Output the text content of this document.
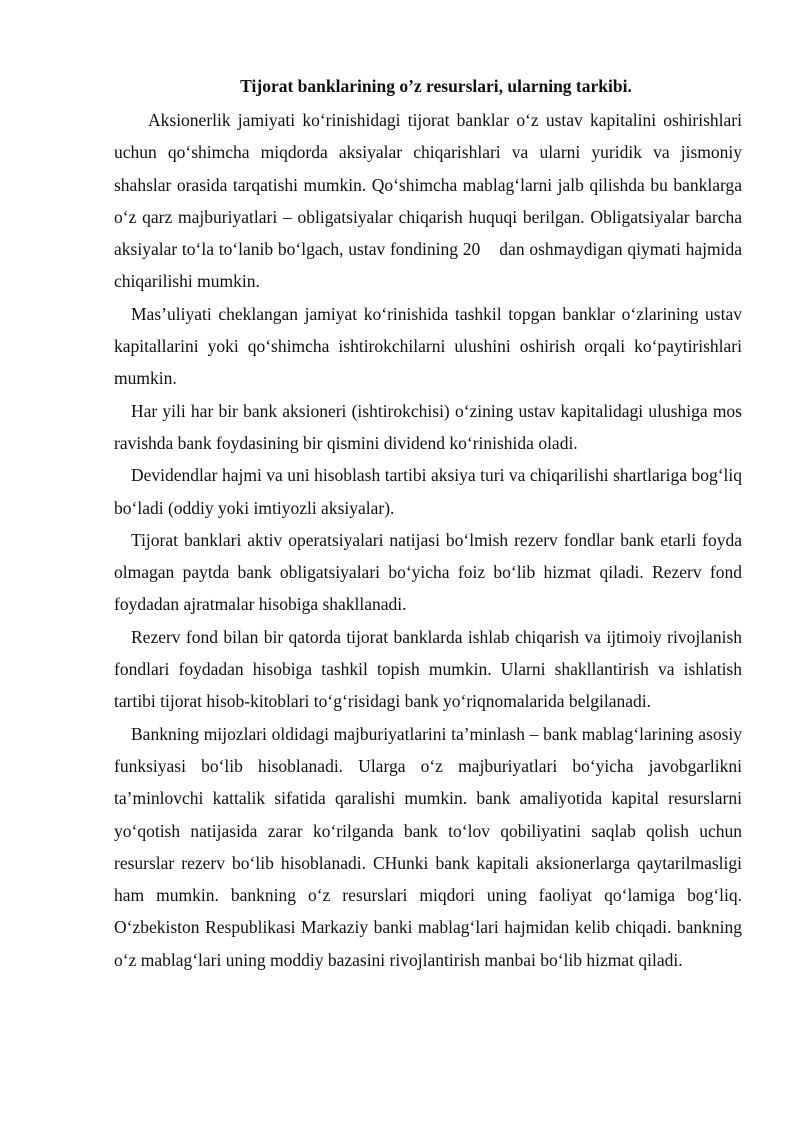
Tijorat banklarining o’z resurslari, ularning tarkibi.

Aksionerlik jamiyati ko‘rinishidagi tijorat banklar o‘z ustav kapitalini oshirishlari uchun qo‘shimcha miqdorda aksiyalar chiqarishlari va ularni yuridik va jismoniy shahslar orasida tarqatishi mumkin. Qo‘shimcha mablag‘larni jalb qilishda bu banklarga o‘z qarz majburiyatlari – obligatsiyalar chiqarish huquqi berilgan. Obligatsiyalar barcha aksiyalar to‘la to‘lanib bo‘lgach, ustav fondining 20    dan oshmaydigan qiymati hajmida chiqarilishi mumkin.

Mas’uliyati cheklangan jamiyat ko‘rinishida tashkil topgan banklar o‘zlarining ustav kapitallarini yoki qo‘shimcha ishtirokchilarni ulushini oshirish orqali ko‘paytirishlari mumkin.

Har yili har bir bank aksioneri (ishtirokchisi) o‘zining ustav kapitalidagi ulushiga mos ravishda bank foydasining bir qismini dividend ko‘rinishida oladi.

Devidendlar hajmi va uni hisoblash tartibi aksiya turi va chiqarilishi shartlariga bog‘liq bo‘ladi (oddiy yoki imtiyozli aksiyalar).

Tijorat banklari aktiv operatsiyalari natijasi bo‘lmish rezerv fondlar bank etarli foyda olmagan paytda bank obligatsiyalari bo‘yicha foiz bo‘lib hizmat qiladi. Rezerv fond foydadan ajratmalar hisobiga shakllanadi.

Rezerv fond bilan bir qatorda tijorat banklarda ishlab chiqarish va ijtimoiy rivojlanish fondlari foydadan hisobiga tashkil topish mumkin. Ularni shakllantirish va ishlatish tartibi tijorat hisob-kitoblari to‘g‘risidagi bank yo‘riqnomalarida belgilanadi.

Bankning mijozlari oldidagi majburiyatlarini ta’minlash – bank mablag‘larining asosiy funksiyasi bo‘lib hisoblanadi. Ularga o‘z majburiyatlari bo‘yicha javobgarlikni ta’minlovchi kattalik sifatida qaralishi mumkin. bank amaliyotida kapital resurslarni yo‘qotish natijasida zarar ko‘rilganda bank to‘lov qobiliyatini saqlab qolish uchun resurslar rezerv bo‘lib hisoblanadi. CHunki bank kapitali aksionerlarga qaytarilmasligi ham mumkin. bankning o‘z resurslari miqdori uning faoliyat qo‘lamiga bog‘liq. O‘zbekiston Respublikasi Markaziy banki mablag‘lari hajmidan kelib chiqadi. bankning o‘z mablag‘lari uning moddiy bazasini rivojlantirish manbai bo‘lib hizmat qiladi.
